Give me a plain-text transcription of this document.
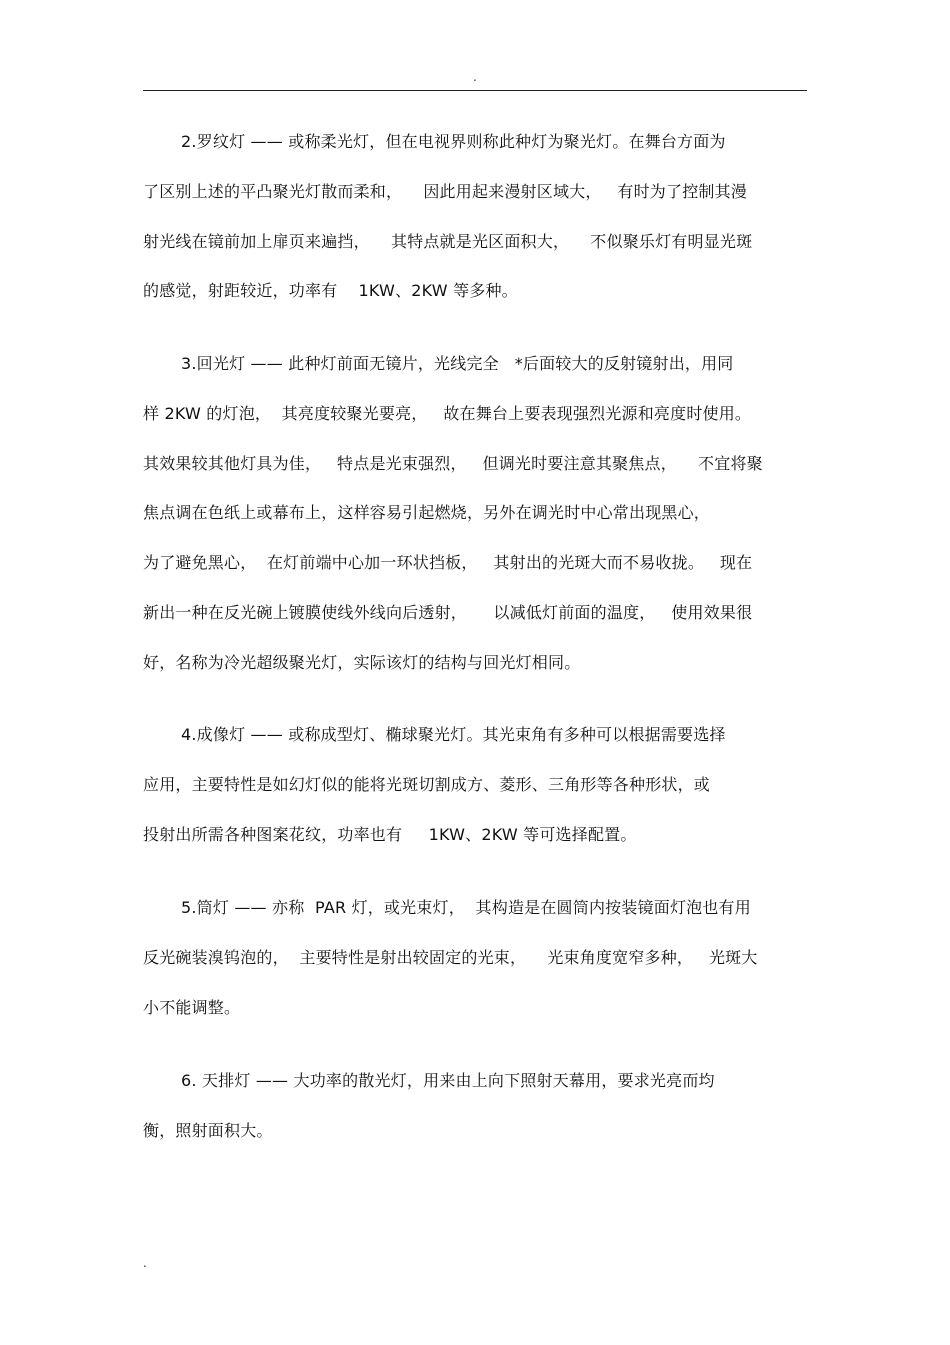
.
2.罗纹灯 —— 或称柔光灯，但在电视界则称此种灯为聚光灯。在舞台方面为
了区别上述的平凸聚光灯散而柔和，    因此用起来漫射区域大，   有时为了控制其漫
射光线在镜前加上扉页来遍挡，    其特点就是光区面积大，    不似聚乐灯有明显光斑
的感觉，射距较近，功率有    1KW、2KW 等多种。
3.回光灯 —— 此种灯前面无镜片，光线完全   *后面较大的反射镜射出，用同
样 2KW 的灯泡，  其亮度较聚光要亮，   故在舞台上要表现强烈光源和亮度时使用。
其效果较其他灯具为佳，   特点是光束强烈，   但调光时要注意其聚焦点，    不宜将聚
焦点调在色纸上或幕布上，这样容易引起燃烧，另外在调光时中心常出现黑心，
为了避免黑心，  在灯前端中心加一环状挡板，   其射出的光斑大而不易收拢。   现在
新出一种在反光碗上镀膜使线外线向后透射，     以减低灯前面的温度，   使用效果很
好，名称为冷光超级聚光灯，实际该灯的结构与回光灯相同。
4.成像灯 —— 或称成型灯、椭球聚光灯。其光束角有多种可以根据需要选择
应用，主要特性是如幻灯似的能将光斑切割成方、菱形、三角形等各种形状，或
投射出所需各种图案花纹，功率也有     1KW、2KW 等可选择配置。
5.筒灯 —— 亦称  PAR 灯，或光束灯，  其构造是在圆筒内按装镜面灯泡也有用
反光碗装溴钨泡的，  主要特性是射出较固定的光束，    光束角度宽窄多种，   光斑大
小不能调整。
6. 天排灯 —— 大功率的散光灯，用来由上向下照射天幕用，要求光亮而均
衡，照射面积大。
.
